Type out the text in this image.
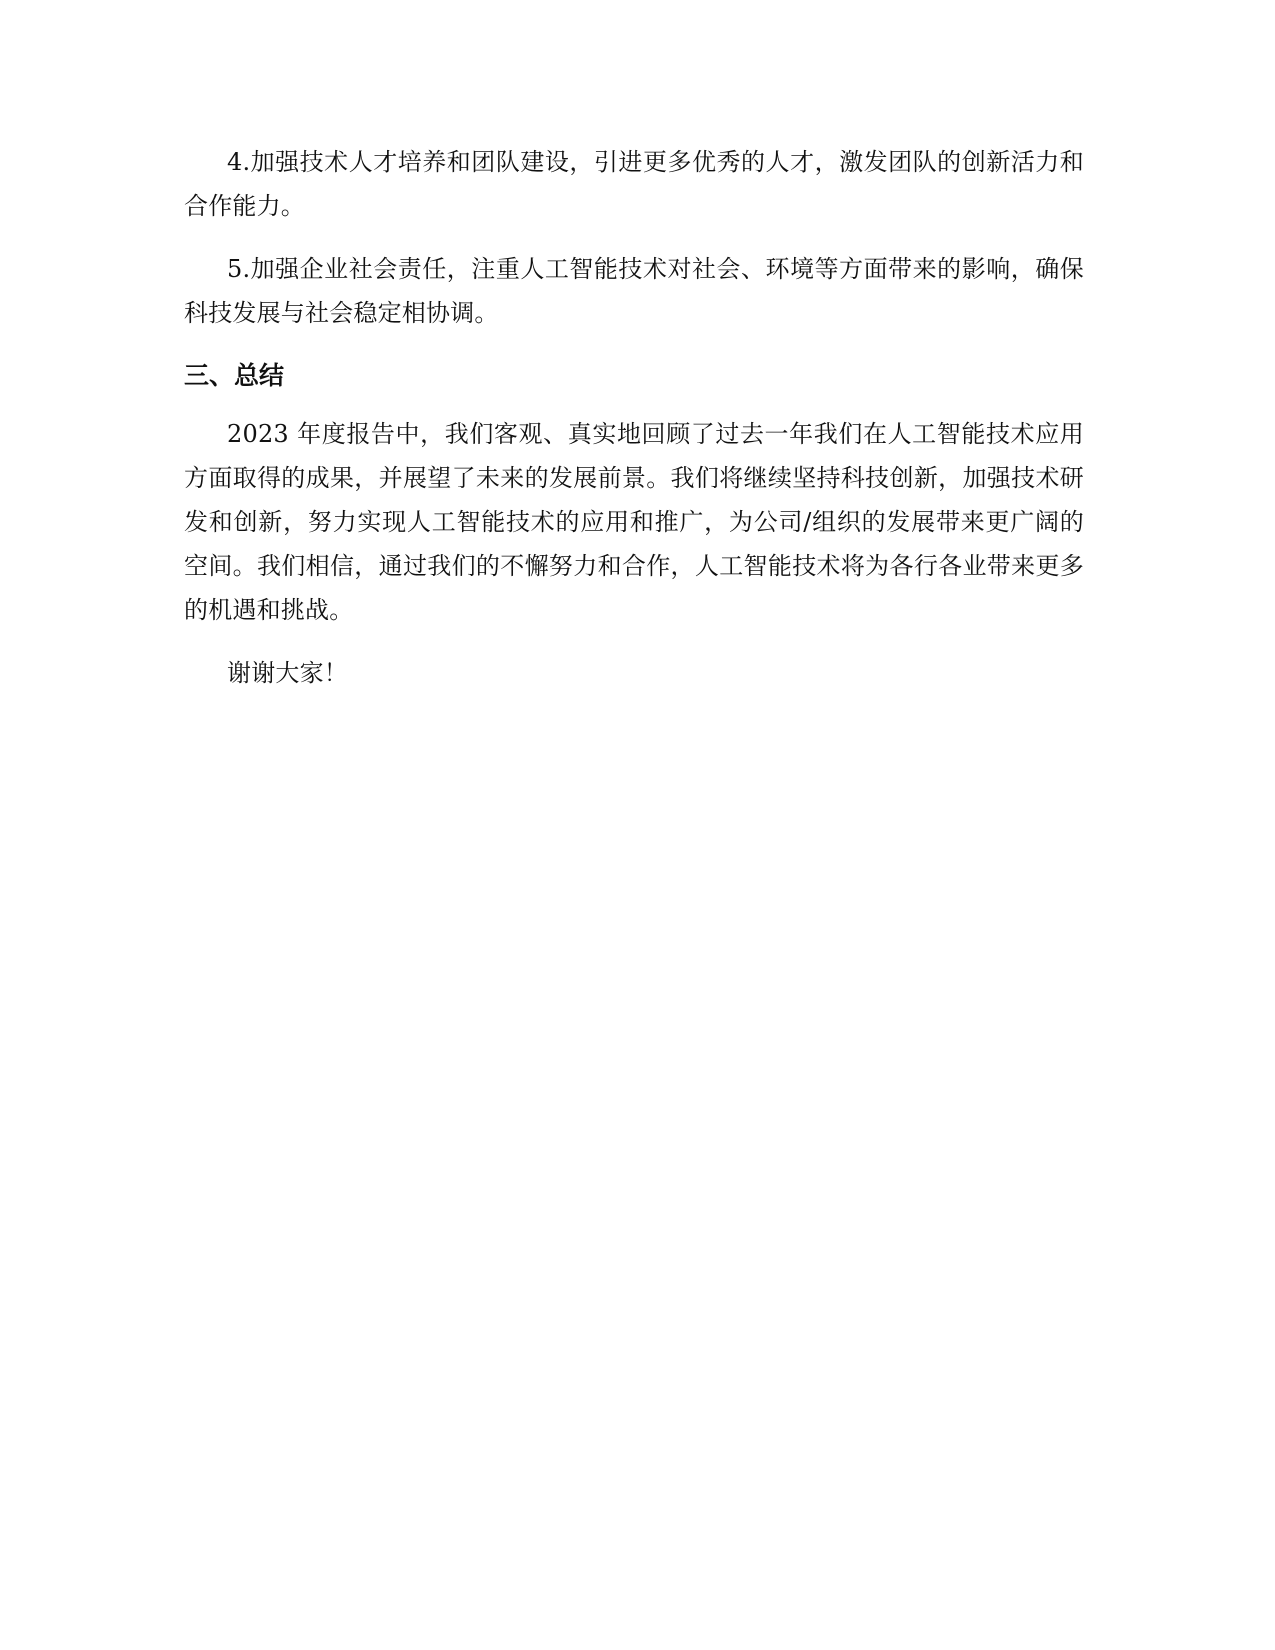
4.加强技术人才培养和团队建设，引进更多优秀的人才，激发团队的创新活力和合作能力。

5.加强企业社会责任，注重人工智能技术对社会、环境等方面带来的影响，确保科技发展与社会稳定相协调。

三、总结

2023 年度报告中，我们客观、真实地回顾了过去一年我们在人工智能技术应用方面取得的成果，并展望了未来的发展前景。我们将继续坚持科技创新，加强技术研发和创新，努力实现人工智能技术的应用和推广，为公司/组织的发展带来更广阔的空间。我们相信，通过我们的不懈努力和合作，人工智能技术将为各行各业带来更多的机遇和挑战。

谢谢大家！
